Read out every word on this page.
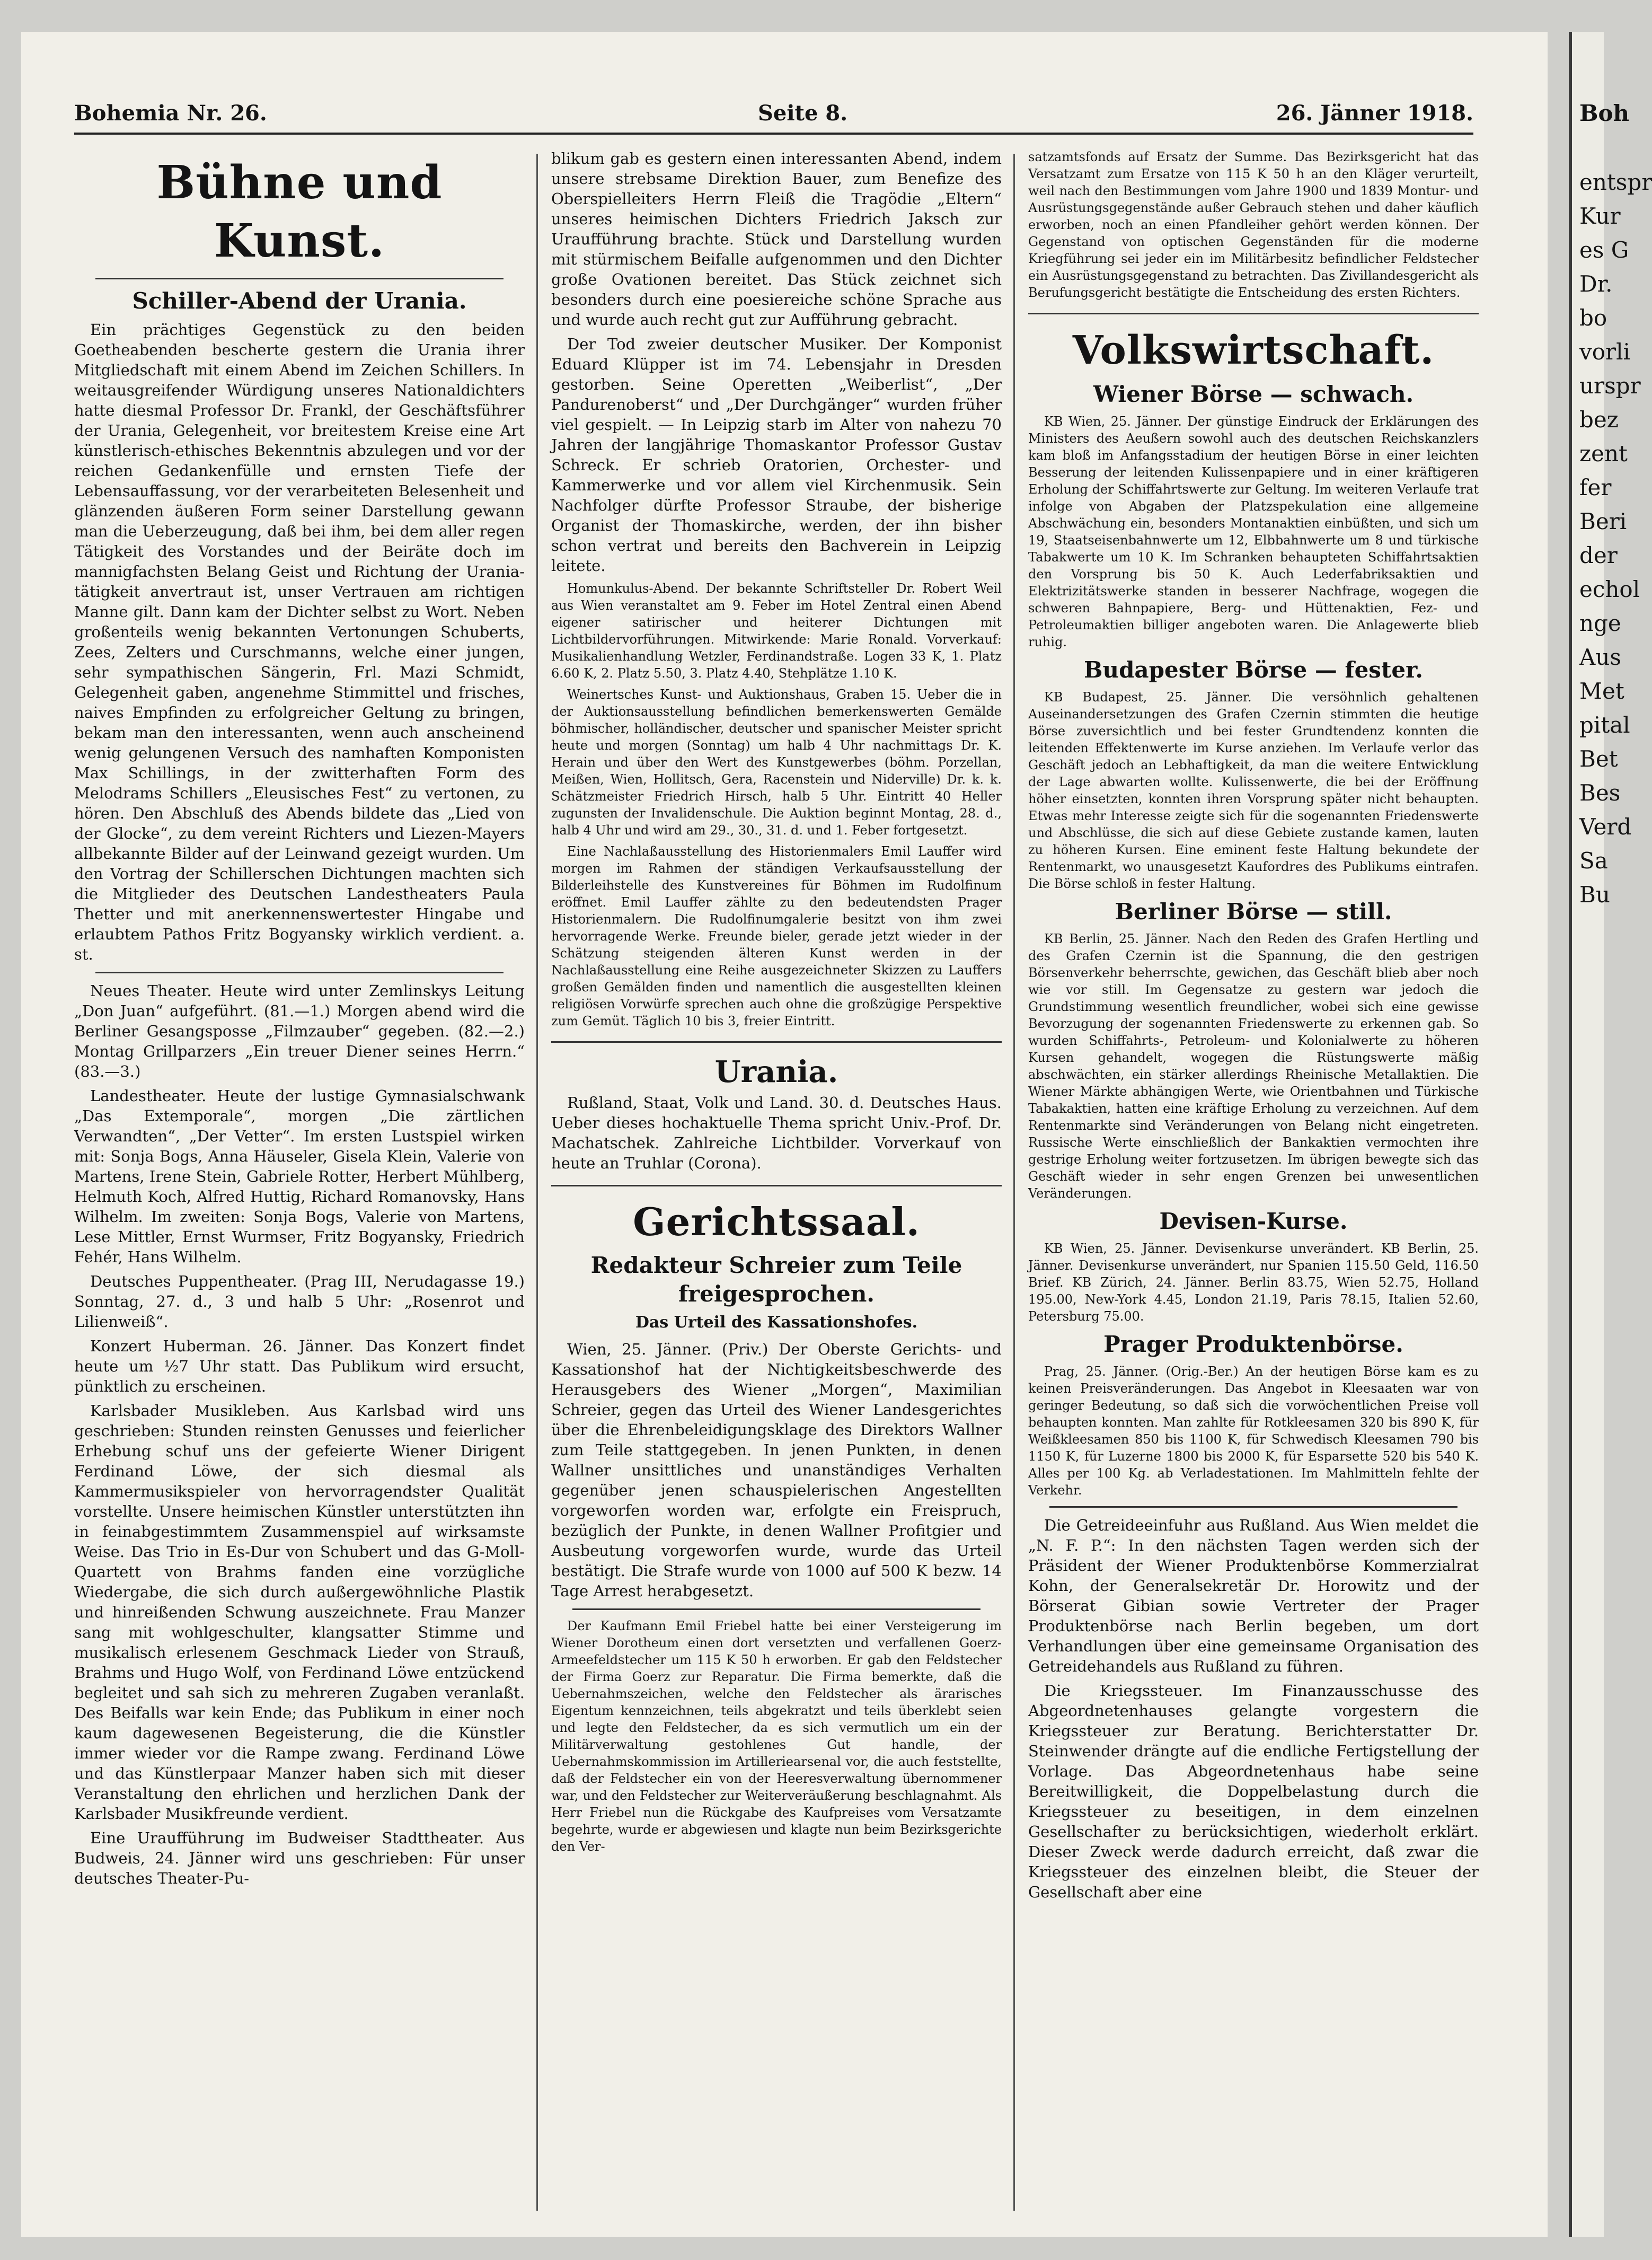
Bohemia Nr. 26.	Seite 8.	26. Jänner 1918.
Bühne und Kunst.
Schiller-Abend der Urania.

Ein prächtiges Gegenstück zu den beiden Goetheabenden bescherte gestern die Urania ihrer Mitgliedschaft mit einem Abend im Zeichen Schillers. In weitausgreifender Würdigung unseres Nationaldichters hatte diesmal Professor Dr. Frankl, der Geschäftsführer der Urania, Gelegenheit, vor breitestem Kreise eine Art künstlerisch-ethisches Bekenntnis abzulegen und vor der reichen Gedankenfülle und ernsten Tiefe der Lebensauffassung, vor der verarbeiteten Belesenheit und glänzenden äußeren Form seiner Darstellung gewann man die Ueberzeugung, daß bei ihm, bei dem aller regen Tätigkeit des Vorstandes und der Beiräte doch im mannigfachsten Belang Geist und Richtung der Urania-tätigkeit anvertraut ist, unser Vertrauen am richtigen Manne gilt. Dann kam der Dichter selbst zu Wort. Neben großenteils wenig bekannten Vertonungen Schuberts, Zees, Zelters und Curschmanns, welche einer jungen, sehr sympathischen Sängerin, Frl. Mazi Schmidt, Gelegenheit gaben, angenehme Stimmittel und frisches, naives Empfinden zu erfolgreicher Geltung zu bringen, bekam man den interessanten, wenn auch anscheinend wenig gelungenen Versuch des namhaften Komponisten Max Schillings, in der zwitterhaften Form des Melodrams Schillers „Eleusisches Fest“ zu vertonen, zu hören. Den Abschluß des Abends bildete das „Lied von der Glocke“, zu dem vereint Richters und Liezen-Mayers allbekannte Bilder auf der Leinwand gezeigt wurden. Um den Vortrag der Schillerschen Dichtungen machten sich die Mitglieder des Deutschen Landestheaters Paula Thetter und mit anerkennenswertester Hingabe und erlaubtem Pathos Fritz Bogyansky wirklich verdient. a. st.

Neues Theater. Heute wird unter Zemlinskys Leitung „Don Juan“ aufgeführt. (81.—1.) Morgen abend wird die Berliner Gesangsposse „Filmzauber“ gegeben. (82.—2.) Montag Grillparzers „Ein treuer Diener seines Herrn.“ (83.—3.)

Landestheater. Heute der lustige Gymnasialschwank „Das Extemporale“, morgen „Die zärtlichen Verwandten“, „Der Vetter“. Im ersten Lustspiel wirken mit: Sonja Bogs, Anna Häuseler, Gisela Klein, Valerie von Martens, Irene Stein, Gabriele Rotter, Herbert Mühlberg, Helmuth Koch, Alfred Huttig, Richard Romanovsky, Hans Wilhelm. Im zweiten: Sonja Bogs, Valerie von Martens, Lese Mittler, Ernst Wurmser, Fritz Bogyansky, Friedrich Fehér, Hans Wilhelm.

Deutsches Puppentheater. (Prag III, Nerudagasse 19.) Sonntag, 27. d., 3 und halb 5 Uhr: „Rosenrot und Lilienweiß“.

Konzert Huberman. 26. Jänner. Das Konzert findet heute um ½7 Uhr statt. Das Publikum wird ersucht, pünktlich zu erscheinen.

Karlsbader Musikleben. Aus Karlsbad wird uns geschrieben: Stunden reinsten Genusses und feierlicher Erhebung schuf uns der gefeierte Wiener Dirigent Ferdinand Löwe, der sich diesmal als Kammermusikspieler von hervorragendster Qualität vorstellte. Unsere heimischen Künstler unterstützten ihn in feinabgestimmtem Zusammenspiel auf wirksamste Weise. Das Trio in Es-Dur von Schubert und das G-Moll-Quartett von Brahms fanden eine vorzügliche Wiedergabe, die sich durch außergewöhnliche Plastik und hinreißenden Schwung auszeichnete. Frau Manzer sang mit wohlgeschulter, klangsatter Stimme und musikalisch erlesenem Geschmack Lieder von Strauß, Brahms und Hugo Wolf, von Ferdinand Löwe entzückend begleitet und sah sich zu mehreren Zugaben veranlaßt. Des Beifalls war kein Ende; das Publikum in einer noch kaum dagewesenen Begeisterung, die die Künstler immer wieder vor die Rampe zwang. Ferdinand Löwe und das Künstlerpaar Manzer haben sich mit dieser Veranstaltung den ehrlichen und herzlichen Dank der Karlsbader Musikfreunde verdient.

Eine Uraufführung im Budweiser Stadttheater. Aus Budweis, 24. Jänner wird uns geschrieben: Für unser deutsches Theater-Pu-

blikum gab es gestern einen interessanten Abend, indem unsere strebsame Direktion Bauer, zum Benefize des Oberspielleiters Herrn Fleiß die Tragödie „Eltern“ unseres heimischen Dichters Friedrich Jaksch zur Uraufführung brachte. Stück und Darstellung wurden mit stürmischem Beifalle aufgenommen und den Dichter große Ovationen bereitet. Das Stück zeichnet sich besonders durch eine poesiereiche schöne Sprache aus und wurde auch recht gut zur Aufführung gebracht.

Der Tod zweier deutscher Musiker. Der Komponist Eduard Klüpper ist im 74. Lebensjahr in Dresden gestorben. Seine Operetten „Weiberlist“, „Der Pandurenoberst“ und „Der Durchgänger“ wurden früher viel gespielt. — In Leipzig starb im Alter von nahezu 70 Jahren der langjährige Thomaskantor Professor Gustav Schreck. Er schrieb Oratorien, Orchester- und Kammerwerke und vor allem viel Kirchenmusik. Sein Nachfolger dürfte Professor Straube, der bisherige Organist der Thomaskirche, werden, der ihn bisher schon vertrat und bereits den Bachverein in Leipzig leitete.

Homunkulus-Abend. Der bekannte Schriftsteller Dr. Robert Weil aus Wien veranstaltet am 9. Feber im Hotel Zentral einen Abend eigener satirischer und heiterer Dichtungen mit Lichtbildervorführungen. Mitwirkende: Marie Ronald. Vorverkauf: Musikalienhandlung Wetzler, Ferdinandstraße. Logen 33 K, 1. Platz 6.60 K, 2. Platz 5.50, 3. Platz 4.40, Stehplätze 1.10 K.

Weinertsches Kunst- und Auktionshaus, Graben 15. Ueber die in der Auktionsausstellung befindlichen bemerkenswerten Gemälde böhmischer, holländischer, deutscher und spanischer Meister spricht heute und morgen (Sonntag) um halb 4 Uhr nachmittags Dr. K. Herain und über den Wert des Kunstgewerbes (böhm. Porzellan, Meißen, Wien, Hollitsch, Gera, Racenstein und Niderville) Dr. k. k. Schätzmeister Friedrich Hirsch, halb 5 Uhr. Eintritt 40 Heller zugunsten der Invalidenschule. Die Auktion beginnt Montag, 28. d., halb 4 Uhr und wird am 29., 30., 31. d. und 1. Feber fortgesetzt.

Eine Nachlaßausstellung des Historienmalers Emil Lauffer wird morgen im Rahmen der ständigen Verkaufsausstellung der Bilderleihstelle des Kunstvereines für Böhmen im Rudolfinum eröffnet. Emil Lauffer zählte zu den bedeutendsten Prager Historienmalern. Die Rudolfinumgalerie besitzt von ihm zwei hervorragende Werke. Freunde bieler, gerade jetzt wieder in der Schätzung steigenden älteren Kunst werden in der Nachlaßausstellung eine Reihe ausgezeichneter Skizzen zu Lauffers großen Gemälden finden und namentlich die ausgestellten kleinen religiösen Vorwürfe sprechen auch ohne die großzügige Perspektive zum Gemüt. Täglich 10 bis 3, freier Eintritt.

Urania.

Rußland, Staat, Volk und Land. 30. d. Deutsches Haus. Ueber dieses hochaktuelle Thema spricht Univ.-Prof. Dr. Machatschek. Zahlreiche Lichtbilder. Vorverkauf von heute an Truhlar (Corona).

Gerichtssaal.
Redakteur Schreier zum Teile freigesprochen.
Das Urteil des Kassationshofes.

Wien, 25. Jänner. (Priv.) Der Oberste Gerichts- und Kassationshof hat der Nichtigkeitsbeschwerde des Herausgebers des Wiener „Morgen“, Maximilian Schreier, gegen das Urteil des Wiener Landesgerichtes über die Ehrenbeleidigungsklage des Direktors Wallner zum Teile stattgegeben. In jenen Punkten, in denen Wallner unsittliches und unanständiges Verhalten gegenüber jenen schauspielerischen Angestellten vorgeworfen worden war, erfolgte ein Freispruch, bezüglich der Punkte, in denen Wallner Profitgier und Ausbeutung vorgeworfen wurde, wurde das Urteil bestätigt. Die Strafe wurde von 1000 auf 500 K bezw. 14 Tage Arrest herabgesetzt.

Der Kaufmann Emil Friebel hatte bei einer Versteigerung im Wiener Dorotheum einen dort versetzten und verfallenen Goerz-Armeefeldstecher um 115 K 50 h erworben. Er gab den Feldstecher der Firma Goerz zur Reparatur. Die Firma bemerkte, daß die Uebernahmszeichen, welche den Feldstecher als ärarisches Eigentum kennzeichnen, teils abgekratzt und teils überklebt seien und legte den Feldstecher, da es sich vermutlich um ein der Militärverwaltung gestohlenes Gut handle, der Uebernahmskommission im Artilleriearsenal vor, die auch feststellte, daß der Feldstecher ein von der Heeresverwaltung übernommener war, und den Feldstecher zur Weiterveräußerung beschlagnahmt. Als Herr Friebel nun die Rückgabe des Kaufpreises vom Versatzamte begehrte, wurde er abgewiesen und klagte nun beim Bezirksgerichte den Ver-

satzamtsfonds auf Ersatz der Summe. Das Bezirksgericht hat das Versatzamt zum Ersatze von 115 K 50 h an den Kläger verurteilt, weil nach den Bestimmungen vom Jahre 1900 und 1839 Montur- und Ausrüstungsgegenstände außer Gebrauch stehen und daher käuflich erworben, noch an einen Pfandleiher gehört werden können. Der Gegenstand von optischen Gegenständen für die moderne Kriegführung sei jeder ein im Militärbesitz befindlicher Feldstecher ein Ausrüstungsgegenstand zu betrachten. Das Zivillandesgericht als Berufungsgericht bestätigte die Entscheidung des ersten Richters.

Volkswirtschaft.
Wiener Börse — schwach.

KB Wien, 25. Jänner. Der günstige Eindruck der Erklärungen des Ministers des Aeußern sowohl auch des deutschen Reichskanzlers kam bloß im Anfangsstadium der heutigen Börse in einer leichten Besserung der leitenden Kulissenpapiere und in einer kräftigeren Erholung der Schiffahrtswerte zur Geltung. Im weiteren Verlaufe trat infolge von Abgaben der Platzspekulation eine allgemeine Abschwächung ein, besonders Montanaktien einbüßten, und sich um 19, Staatseisenbahnwerte um 12, Elbbahnwerte um 8 und türkische Tabakwerte um 10 K. Im Schranken behaupteten Schiffahrtsaktien den Vorsprung bis 50 K. Auch Lederfabriksaktien und Elektrizitätswerke standen in besserer Nachfrage, wogegen die schweren Bahnpapiere, Berg- und Hüttenaktien, Fez- und Petroleumaktien billiger angeboten waren. Die Anlagewerte blieb ruhig.

Budapester Börse — fester.

KB Budapest, 25. Jänner. Die versöhnlich gehaltenen Auseinandersetzungen des Grafen Czernin stimmten die heutige Börse zuversichtlich und bei fester Grundtendenz konnten die leitenden Effektenwerte im Kurse anziehen. Im Verlaufe verlor das Geschäft jedoch an Lebhaftigkeit, da man die weitere Entwicklung der Lage abwarten wollte. Kulissenwerte, die bei der Eröffnung höher einsetzten, konnten ihren Vorsprung später nicht behaupten. Etwas mehr Interesse zeigte sich für die sogenannten Friedenswerte und Abschlüsse, die sich auf diese Gebiete zustande kamen, lauten zu höheren Kursen. Eine eminent feste Haltung bekundete der Rentenmarkt, wo unausgesetzt Kaufordres des Publikums eintrafen. Die Börse schloß in fester Haltung.

Berliner Börse — still.

KB Berlin, 25. Jänner. Nach den Reden des Grafen Hertling und des Grafen Czernin ist die Spannung, die den gestrigen Börsenverkehr beherrschte, gewichen, das Geschäft blieb aber noch wie vor still. Im Gegensatze zu gestern war jedoch die Grundstimmung wesentlich freundlicher, wobei sich eine gewisse Bevorzugung der sogenannten Friedenswerte zu erkennen gab. So wurden Schiffahrts-, Petroleum- und Kolonialwerte zu höheren Kursen gehandelt, wogegen die Rüstungswerte mäßig abschwächten, ein stärker allerdings Rheinische Metallaktien. Die Wiener Märkte abhängigen Werte, wie Orientbahnen und Türkische Tabakaktien, hatten eine kräftige Erholung zu verzeichnen. Auf dem Rentenmarkte sind Veränderungen von Belang nicht eingetreten. Russische Werte einschließlich der Bankaktien vermochten ihre gestrige Erholung weiter fortzusetzen. Im übrigen bewegte sich das Geschäft wieder in sehr engen Grenzen bei unwesentlichen Veränderungen.

Devisen-Kurse.

KB Wien, 25. Jänner. Devisenkurse unverändert. KB Berlin, 25. Jänner. Devisenkurse unverändert, nur Spanien 115.50 Geld, 116.50 Brief. KB Zürich, 24. Jänner. Berlin 83.75, Wien 52.75, Holland 195.00, New-York 4.45, London 21.19, Paris 78.15, Italien 52.60, Petersburg 75.00.

Prager Produktenbörse.

Prag, 25. Jänner. (Orig.-Ber.) An der heutigen Börse kam es zu keinen Preisveränderungen. Das Angebot in Kleesaaten war von geringer Bedeutung, so daß sich die vorwöchentlichen Preise voll behaupten konnten. Man zahlte für Rotkleesamen 320 bis 890 K, für Weißkleesamen 850 bis 1100 K, für Schwedisch Kleesamen 790 bis 1150 K, für Luzerne 1800 bis 2000 K, für Esparsette 520 bis 540 K. Alles per 100 Kg. ab Verladestationen. Im Mahlmitteln fehlte der Verkehr.

Die Getreideeinfuhr aus Rußland. Aus Wien meldet die „N. F. P.“: In den nächsten Tagen werden sich der Präsident der Wiener Produktenbörse Kommerzialrat Kohn, der Generalsekretär Dr. Horowitz und der Börserat Gibian sowie Vertreter der Prager Produktenbörse nach Berlin begeben, um dort Verhandlungen über eine gemeinsame Organisation des Getreidehandels aus Rußland zu führen.

Die Kriegssteuer. Im Finanzausschusse des Abgeordnetenhauses gelangte vorgestern die Kriegssteuer zur Beratung. Berichterstatter Dr. Steinwender drängte auf die endliche Fertigstellung der Vorlage. Das Abgeordnetenhaus habe seine Bereitwilligkeit, die Doppelbelastung durch die Kriegssteuer zu beseitigen, in dem einzelnen Gesellschafter zu berücksichtigen, wiederholt erklärt. Dieser Zweck werde dadurch erreicht, daß zwar die Kriegssteuer des einzelnen bleibt, die Steuer der Gesellschaft aber eine

Boh
entspr
Kur
es G
Dr.
bo
vorli
urspr
bez
zent
fer
Beri
der
echol
nge
Aus
Met
pital
Bet
Bes
Verd
Sa
Bu
